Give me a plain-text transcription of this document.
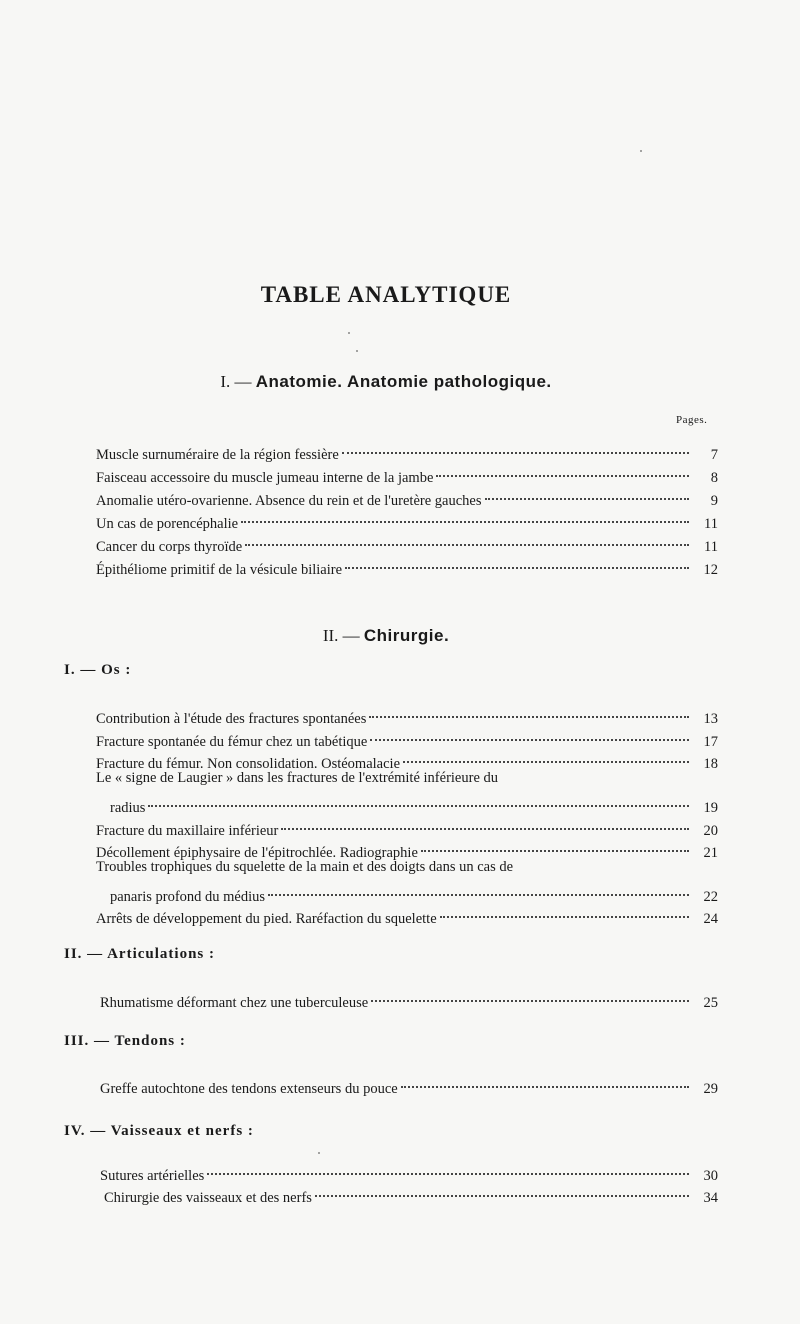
TABLE ANALYTIQUE
I. — Anatomie. Anatomie pathologique.
Pages.
Muscle surnuméraire de la région fessière	7
Faisceau accessoire du muscle jumeau interne de la jambe	8
Anomalie utéro-ovarienne. Absence du rein et de l'uretère gauches	9
Un cas de porencéphalie	11
Cancer du corps thyroïde	11
Épithéliome primitif de la vésicule biliaire	12
II. — Chirurgie.
I. — Os :
Contribution à l'étude des fractures spontanées	13
Fracture spontanée du fémur chez un tabétique	17
Fracture du fémur. Non consolidation. Ostéomalacie	18
Le « signe de Laugier » dans les fractures de l'extrémité inférieure du
radius	19
Fracture du maxillaire inférieur	20
Décollement épiphysaire de l'épitrochlée. Radiographie	21
Troubles trophiques du squelette de la main et des doigts dans un cas de
panaris profond du médius	22
Arrêts de développement du pied. Raréfaction du squelette	24
II. — Articulations :
Rhumatisme déformant chez une tuberculeuse	25
III. — Tendons :
Greffe autochtone des tendons extenseurs du pouce	29
IV. — Vaisseaux et nerfs :
Sutures artérielles	30
Chirurgie des vaisseaux et des nerfs	34
